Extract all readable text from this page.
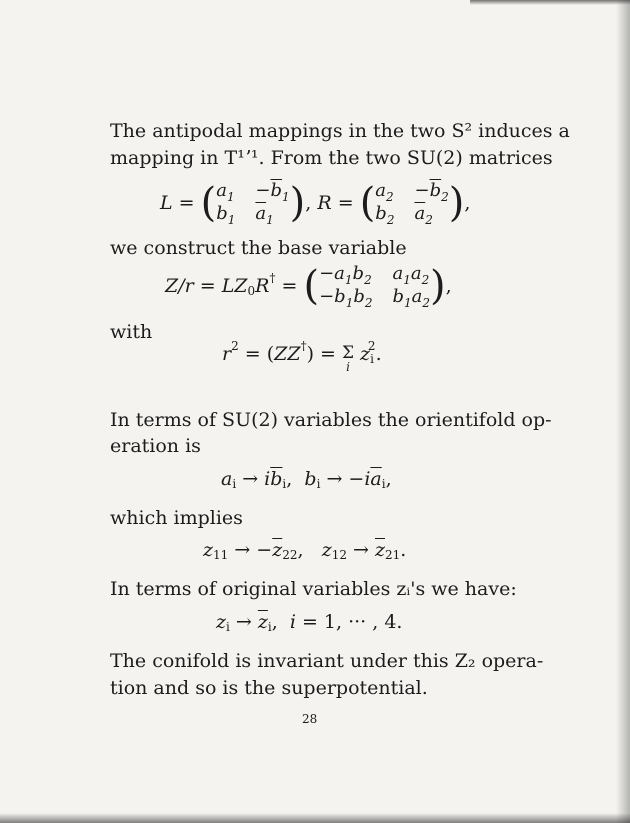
The antipodal mappings in the two S² induces a
mapping in T¹ʼ¹. From the two SU(2) matrices
L = ( $a_1 -\overline{b}_1$
$b_1$ $\overline{a}_1$ ) , R = ( $a_2 -\overline{b}_2$
$b_2$ $\overline{a}_2$ ) ,
we construct the base variable
Z/r = LZ 0 R † = ( $-a_1b_2$ $a_1a_2$
$-b_1b_2$ $b_1a_2$ ) ,
with
r 2 = ( ZZ † ) = Σ
i
z i
2 .
In terms of SU(2) variables the orientifold op-
eration is
a $i \to i\overline{b}$ i , b i → − $i\overline{a}$ i ,
which implies
z 11 → − $\overline{z}$ 22 , z $12 \to \overline{z}$ 21 .
In terms of original variables zᵢ's we have:
z $i \to \overline{z}$ i , i = 1, ··· , 4.
The conifold is invariant under this Z₂ opera-
tion and so is the superpotential.
28
